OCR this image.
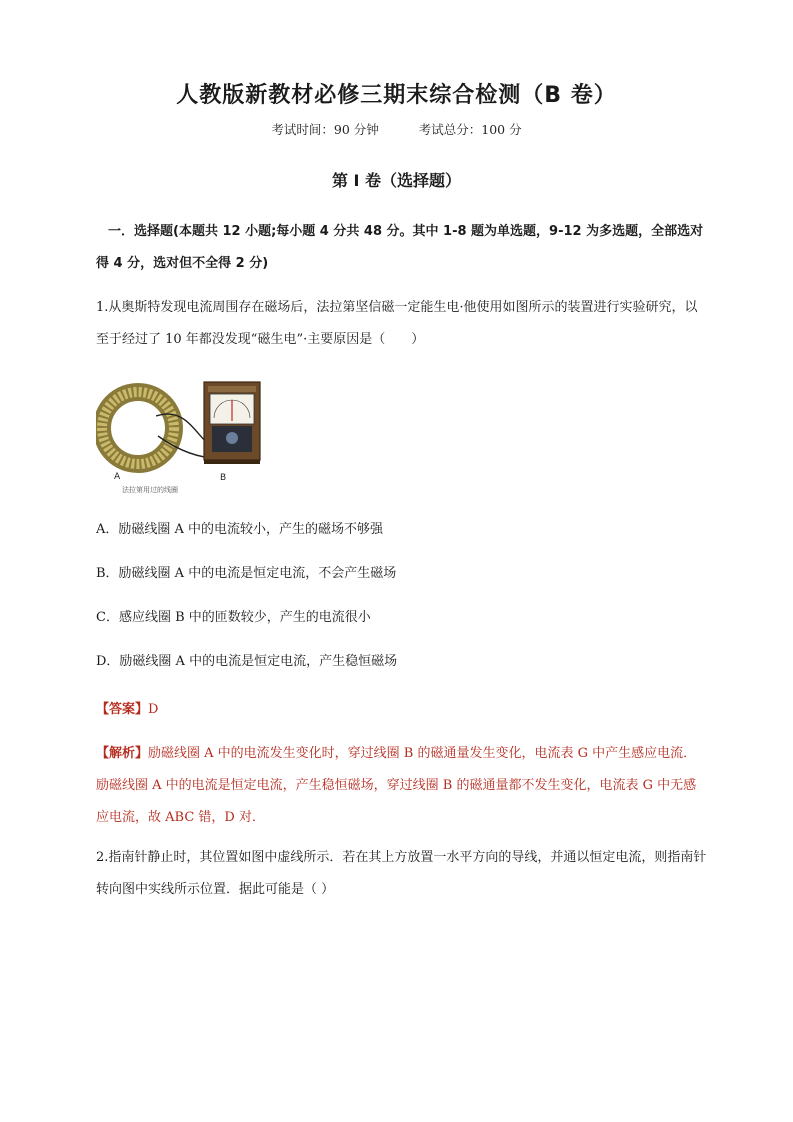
人教版新教材必修三期末综合检测（B 卷）
考试时间：90 分钟	考试总分：100 分
第 I 卷（选择题）
一．选择题(本题共 12 小题;每小题 4 分共 48 分。其中 1-8 题为单选题，9-12 为多选题，全部选对得 4 分，选对但不全得 2 分)
1.从奥斯特发现电流周围存在磁场后，法拉第坚信磁一定能生电·他使用如图所示的装置进行实验研究，以至于经过了 10 年都没发现“磁生电”·主要原因是（　　）
A	B
法拉第用过的线圈
A．励磁线圈 A 中的电流较小，产生的磁场不够强
B．励磁线圈 A 中的电流是恒定电流，不会产生磁场
C．感应线圈 B 中的匝数较少，产生的电流很小
D．励磁线圈 A 中的电流是恒定电流，产生稳恒磁场
【答案】D
【解析】励磁线圈 A 中的电流发生变化时，穿过线圈 B 的磁通量发生变化，电流表 G 中产生感应电流．励磁线圈 A 中的电流是恒定电流，产生稳恒磁场，穿过线圈 B 的磁通量都不发生变化，电流表 G 中无感应电流，故 ABC 错，D 对．
2.指南针静止时，其位置如图中虚线所示．若在其上方放置一水平方向的导线，并通以恒定电流，则指南针转向图中实线所示位置．据此可能是（ ）
